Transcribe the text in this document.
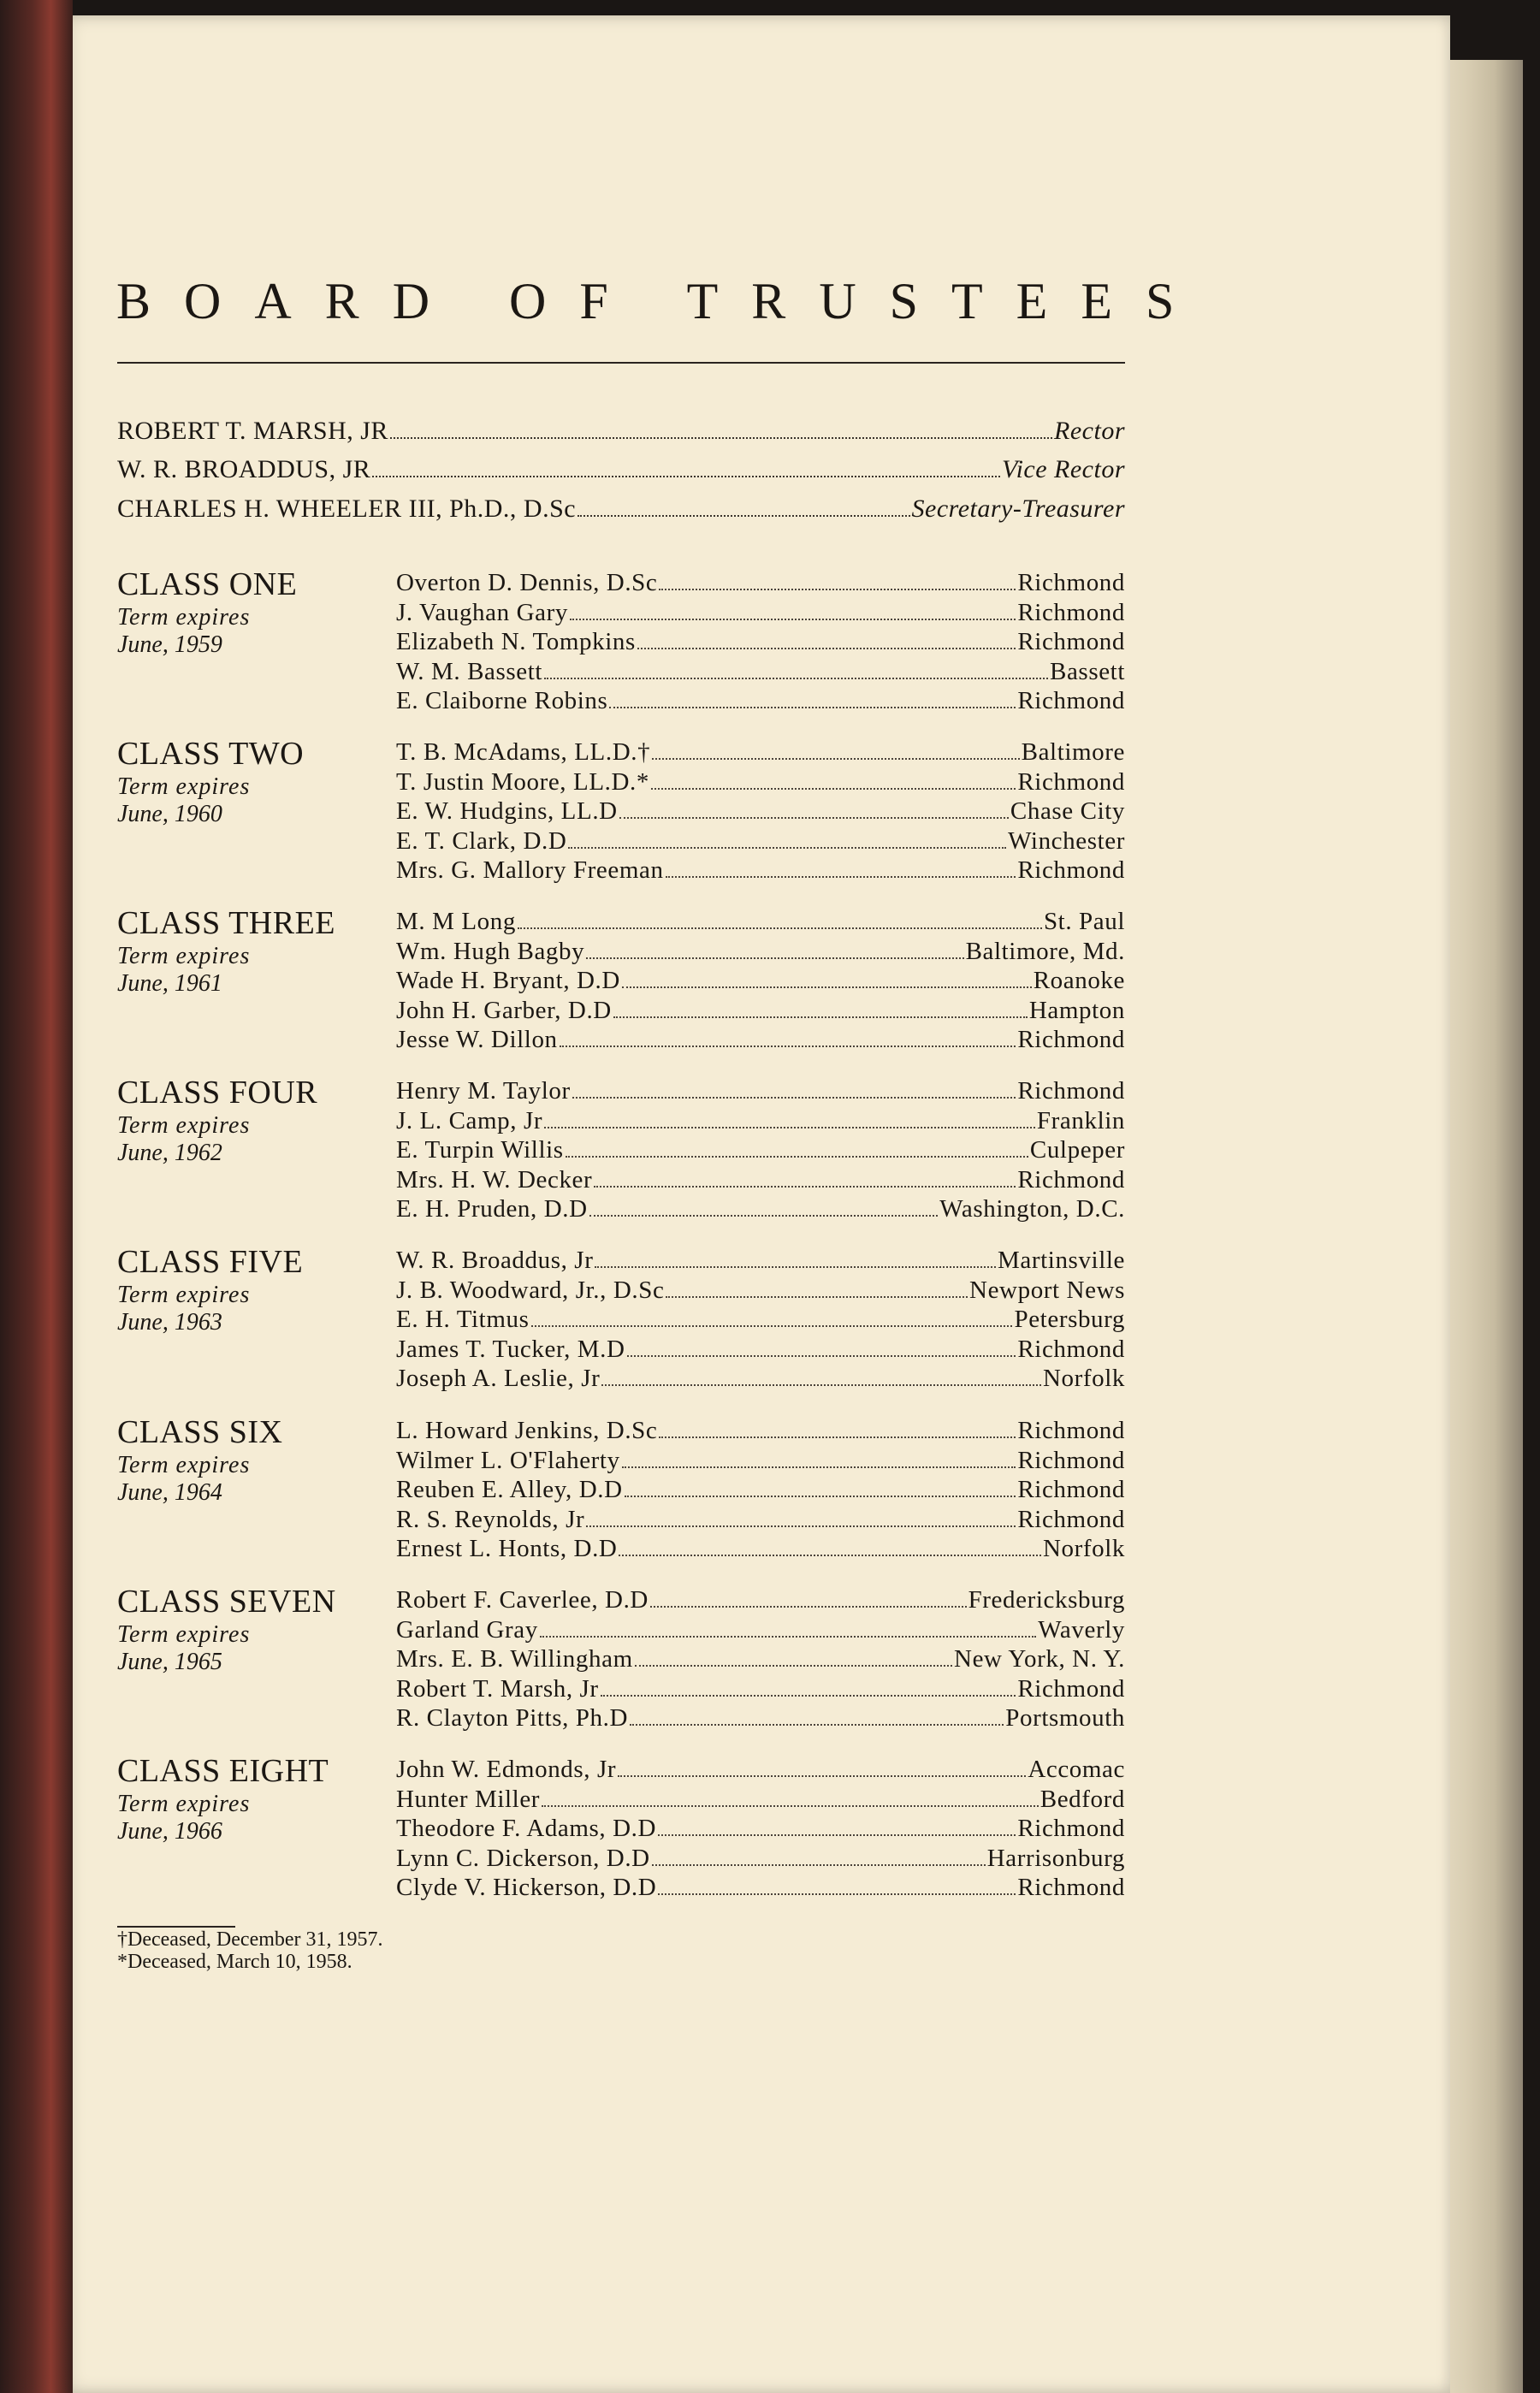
BOARD OF TRUSTEES
ROBERT T. MARSH, JR	Rector
W. R. BROADDUS, JR	Vice Rector
CHARLES H. WHEELER III, Ph.D., D.Sc	Secretary-Treasurer
CLASS ONE
Term expires
June, 1959
Overton D. Dennis, D.Sc	Richmond
J. Vaughan Gary	Richmond
Elizabeth N. Tompkins	Richmond
W. M. Bassett	Bassett
E. Claiborne Robins	Richmond
CLASS TWO
Term expires
June, 1960
T. B. McAdams, LL.D.†	Baltimore
T. Justin Moore, LL.D.*	Richmond
E. W. Hudgins, LL.D	Chase City
E. T. Clark, D.D	Winchester
Mrs. G. Mallory Freeman	Richmond
CLASS THREE
Term expires
June, 1961
M. M Long	St. Paul
Wm. Hugh Bagby	Baltimore, Md.
Wade H. Bryant, D.D	Roanoke
John H. Garber, D.D	Hampton
Jesse W. Dillon	Richmond
CLASS FOUR
Term expires
June, 1962
Henry M. Taylor	Richmond
J. L. Camp, Jr	Franklin
E. Turpin Willis	Culpeper
Mrs. H. W. Decker	Richmond
E. H. Pruden, D.D	Washington, D.C.
CLASS FIVE
Term expires
June, 1963
W. R. Broaddus, Jr	Martinsville
J. B. Woodward, Jr., D.Sc	Newport News
E. H. Titmus	Petersburg
James T. Tucker, M.D	Richmond
Joseph A. Leslie, Jr	Norfolk
CLASS SIX
Term expires
June, 1964
L. Howard Jenkins, D.Sc	Richmond
Wilmer L. O'Flaherty	Richmond
Reuben E. Alley, D.D	Richmond
R. S. Reynolds, Jr	Richmond
Ernest L. Honts, D.D	Norfolk
CLASS SEVEN
Term expires
June, 1965
Robert F. Caverlee, D.D	Fredericksburg
Garland Gray	Waverly
Mrs. E. B. Willingham	New York, N. Y.
Robert T. Marsh, Jr	Richmond
R. Clayton Pitts, Ph.D	Portsmouth
CLASS EIGHT
Term expires
June, 1966
John W. Edmonds, Jr	Accomac
Hunter Miller	Bedford
Theodore F. Adams, D.D	Richmond
Lynn C. Dickerson, D.D	Harrisonburg
Clyde V. Hickerson, D.D	Richmond
†Deceased, December 31, 1957.
*Deceased, March 10, 1958.
